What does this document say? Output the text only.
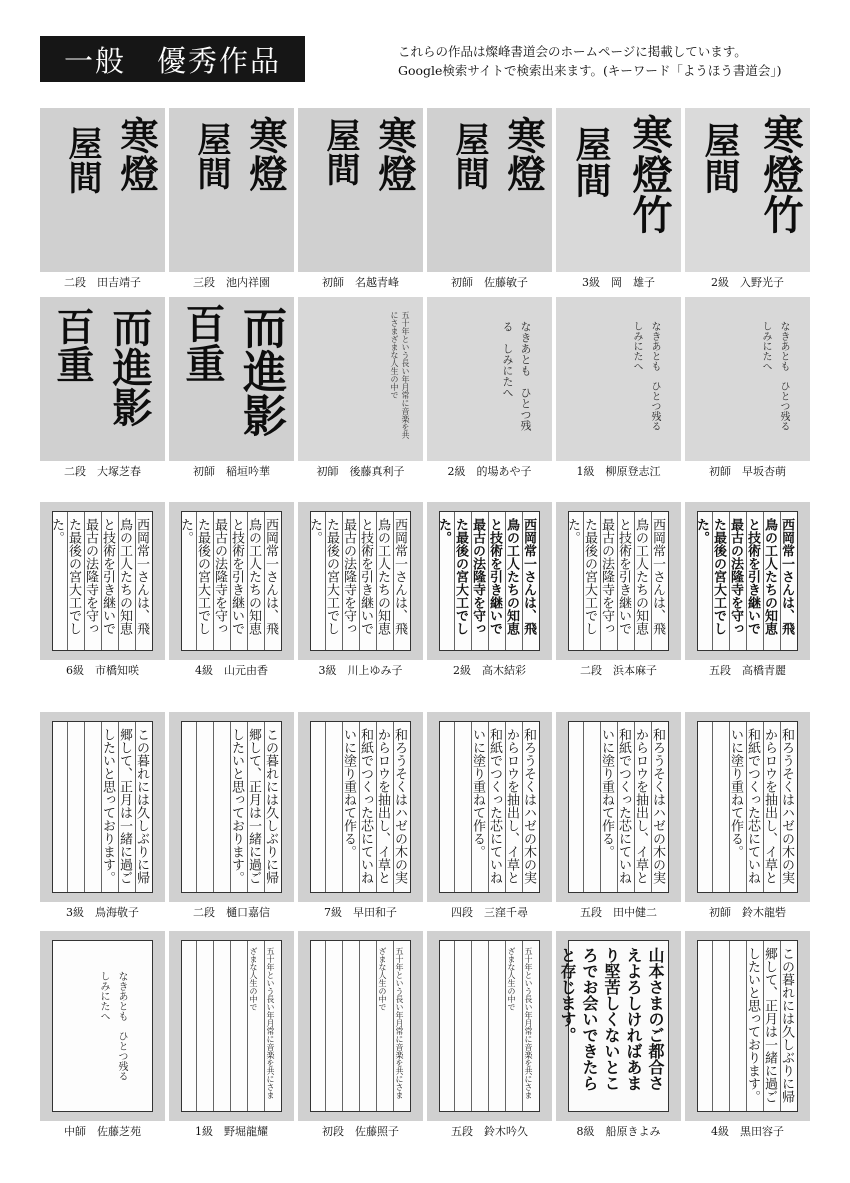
一般　優秀作品	これらの作品は燦峰書道会のホームページに掲載しています。
Google検索サイトで検索出来ます。(キーワード「ようほう書道会」)
寒燈
屋間
二段　田吉靖子
寒燈
屋間
三段　池内祥園
寒燈
屋間
初師　名越青峰
寒燈
屋間
初師　佐藤敏子
寒燈竹
屋間
3級　岡　雄子
寒燈竹
屋間
2級　入野光子
而進影
百重
二段　大塚芝春
而進影
百重
初師　稲垣吟華
五十年という長い年月常に音楽を共にさまざまな人生の中で
初師　後藤真利子
なきあとも　ひとつ残る　しみにたへ
2級　的場あや子
なきあとも　ひとつ残る　しみにたへ
1級　柳原登志江
なきあとも　ひとつ残る　しみにたへ
初師　早坂杏萌
西岡常一さんは、飛鳥の工人たちの知恵と技術を引き継いで最古の法隆寺を守った最後の宮大工でした。
6級　市橋知咲
西岡常一さんは、飛鳥の工人たちの知恵と技術を引き継いで最古の法隆寺を守った最後の宮大工でした。
4級　山元由香
西岡常一さんは、飛鳥の工人たちの知恵と技術を引き継いで最古の法隆寺を守った最後の宮大工でした。
3級　川上ゆみ子
西岡常一さんは、飛鳥の工人たちの知恵と技術を引き継いで最古の法隆寺を守った最後の宮大工でした。
2級　高木結彩
西岡常一さんは、飛鳥の工人たちの知恵と技術を引き継いで最古の法隆寺を守った最後の宮大工でした。
二段　浜本麻子
西岡常一さんは、飛鳥の工人たちの知恵と技術を引き継いで最古の法隆寺を守った最後の宮大工でした。
五段　高橋青麗
この暮れには久しぶりに帰郷して、正月は一緒に過ごしたいと思っております。
3級　鳥海敬子
この暮れには久しぶりに帰郷して、正月は一緒に過ごしたいと思っております。
二段　樋口嘉信
和ろうそくはハゼの木の実からロウを抽出し、イ草と和紙でつくった芯にていねいに塗り重ねて作る。
7級　早田和子
和ろうそくはハゼの木の実からロウを抽出し、イ草と和紙でつくった芯にていねいに塗り重ねて作る。
四段　三窪千尋
和ろうそくはハゼの木の実からロウを抽出し、イ草と和紙でつくった芯にていねいに塗り重ねて作る。
五段　田中健二
和ろうそくはハゼの木の実からロウを抽出し、イ草と和紙でつくった芯にていねいに塗り重ねて作る。
初師　鈴木龍砦
なきあとも　ひとつ残る　しみにたへ
中師　佐藤芝苑
五十年という長い年月常に音楽を共にさまざまな人生の中で
1級　野堀龍耀
五十年という長い年月常に音楽を共にさまざまな人生の中で
初段　佐藤照子
五十年という長い年月常に音楽を共にさまざまな人生の中で
五段　鈴木吟久
山本さまのご都合さえよろしければあまり堅苦しくないところでお会いできたらと存じます。
8級　船原きよみ
この暮れには久しぶりに帰郷して、正月は一緒に過ごしたいと思っております。
4級　黒田容子
